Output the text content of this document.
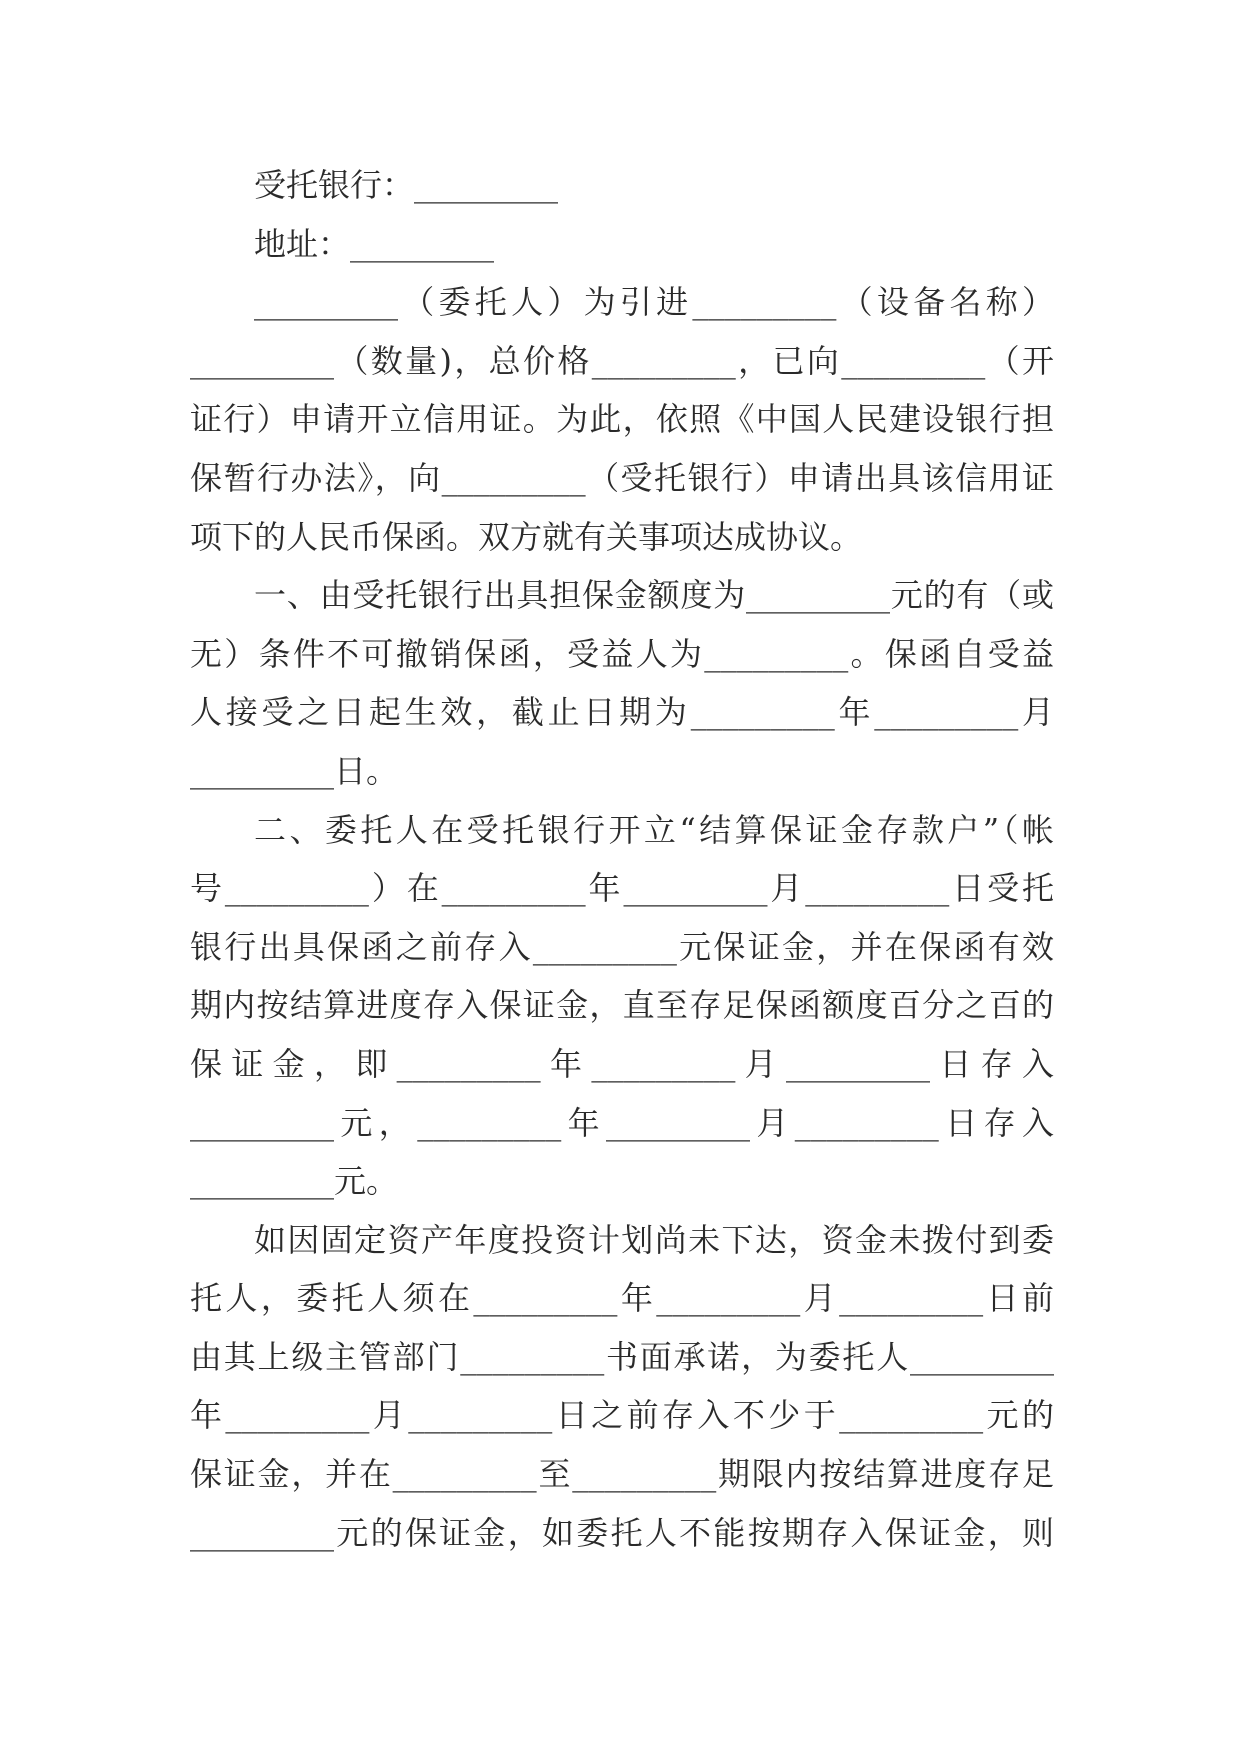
受托银行：_________
地址：_________
_________（委托人）为引进_________（设备名称）
_________（数量)，总价格_________，已向_________（开
证行）申请开立信用证。为此，依照《中国人民建设银行担
保暂行办法》，向_________（受托银行）申请出具该信用证
项下的人民币保函。双方就有关事项达成协议。
一、由受托银行出具担保金额度为_________元的有（或
无）条件不可撤销保函，受益人为_________。保函自受益
人接受之日起生效，截止日期为_________年_________月
_________日。
二、委托人在受托银行开立“结算保证金存款户”（帐
号_________）在_________年_________月_________日受托
银行出具保函之前存入_________元保证金，并在保函有效
期内按结算进度存入保证金，直至存足保函额度百分之百的
保证金，即_________年_________月_________日存入
_________元，_________年_________月_________日存入
_________元。
如因固定资产年度投资计划尚未下达，资金未拨付到委
托人，委托人须在_________年_________月_________日前
由其上级主管部门_________书面承诺，为委托人_________
年_________月_________日之前存入不少于_________元的
保证金，并在_________至_________期限内按结算进度存足
_________元的保证金，如委托人不能按期存入保证金，则
